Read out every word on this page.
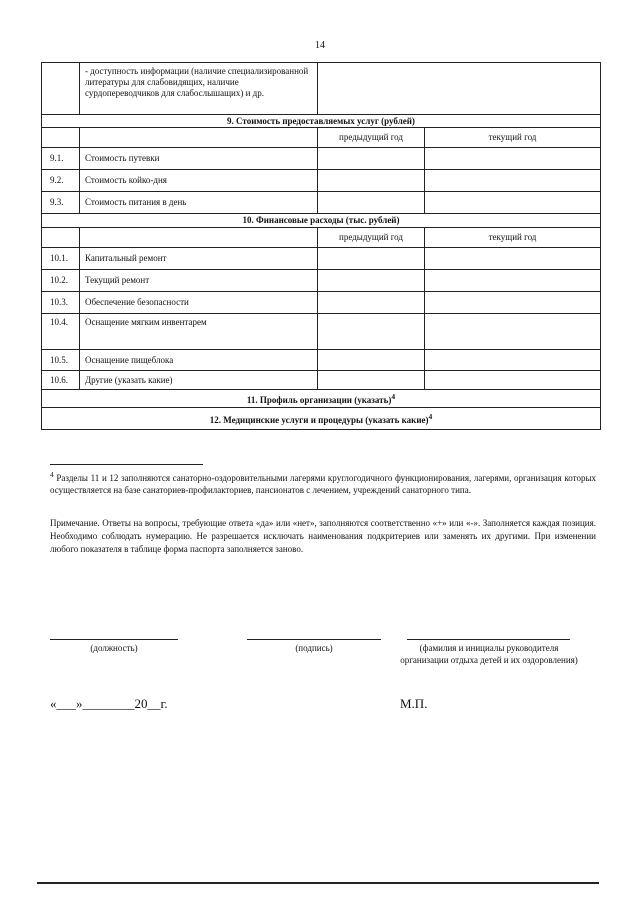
14
	- доступность информации (наличие специализированной литературы для слабовидящих, наличие сурдопереводчиков для слабослышащих) и др.		
9. Стоимость предоставляемых услуг (рублей)			
		предыдущий год	текущий год
9.1.	Стоимость путевки		
9.2.	Стоимость койко-дня		
9.3.	Стоимость питания в день		
10. Финансовые расходы (тыс. рублей)			
		предыдущий год	текущий год
10.1.	Капитальный ремонт		
10.2.	Текущий ремонт		
10.3.	Обеспечение безопасности		
10.4.	Оснащение мягким инвентарем		
10.5.	Оснащение пищеблока		
10.6.	Другие (указать какие)		
11. Профиль организации (указать)$^4$
12. Медицинские услуги и процедуры (указать какие)$^4$
$^4$ Разделы 11 и 12 заполняются санаторно-оздоровительными лагерями круглогодичного функционирования, лагерями, организация которых осуществляется на базе санаториев-профилакториев, пансионатов с лечением, учреждений санаторного типа.
Примечание. Ответы на вопросы, требующие ответа «да» или «нет», заполняются соответственно «+» или «-». Заполняется каждая позиция. Необходимо соблюдать нумерацию. Не разрешается исключать наименования подкритериев или заменять их другими. При изменении любого показателя в таблице форма паспорта заполняется заново.
(должность)	(подпись)	(фамилия и инициалы руководителя организации отдыха детей и их оздоровления)
«___»________20__г.	М.П.
